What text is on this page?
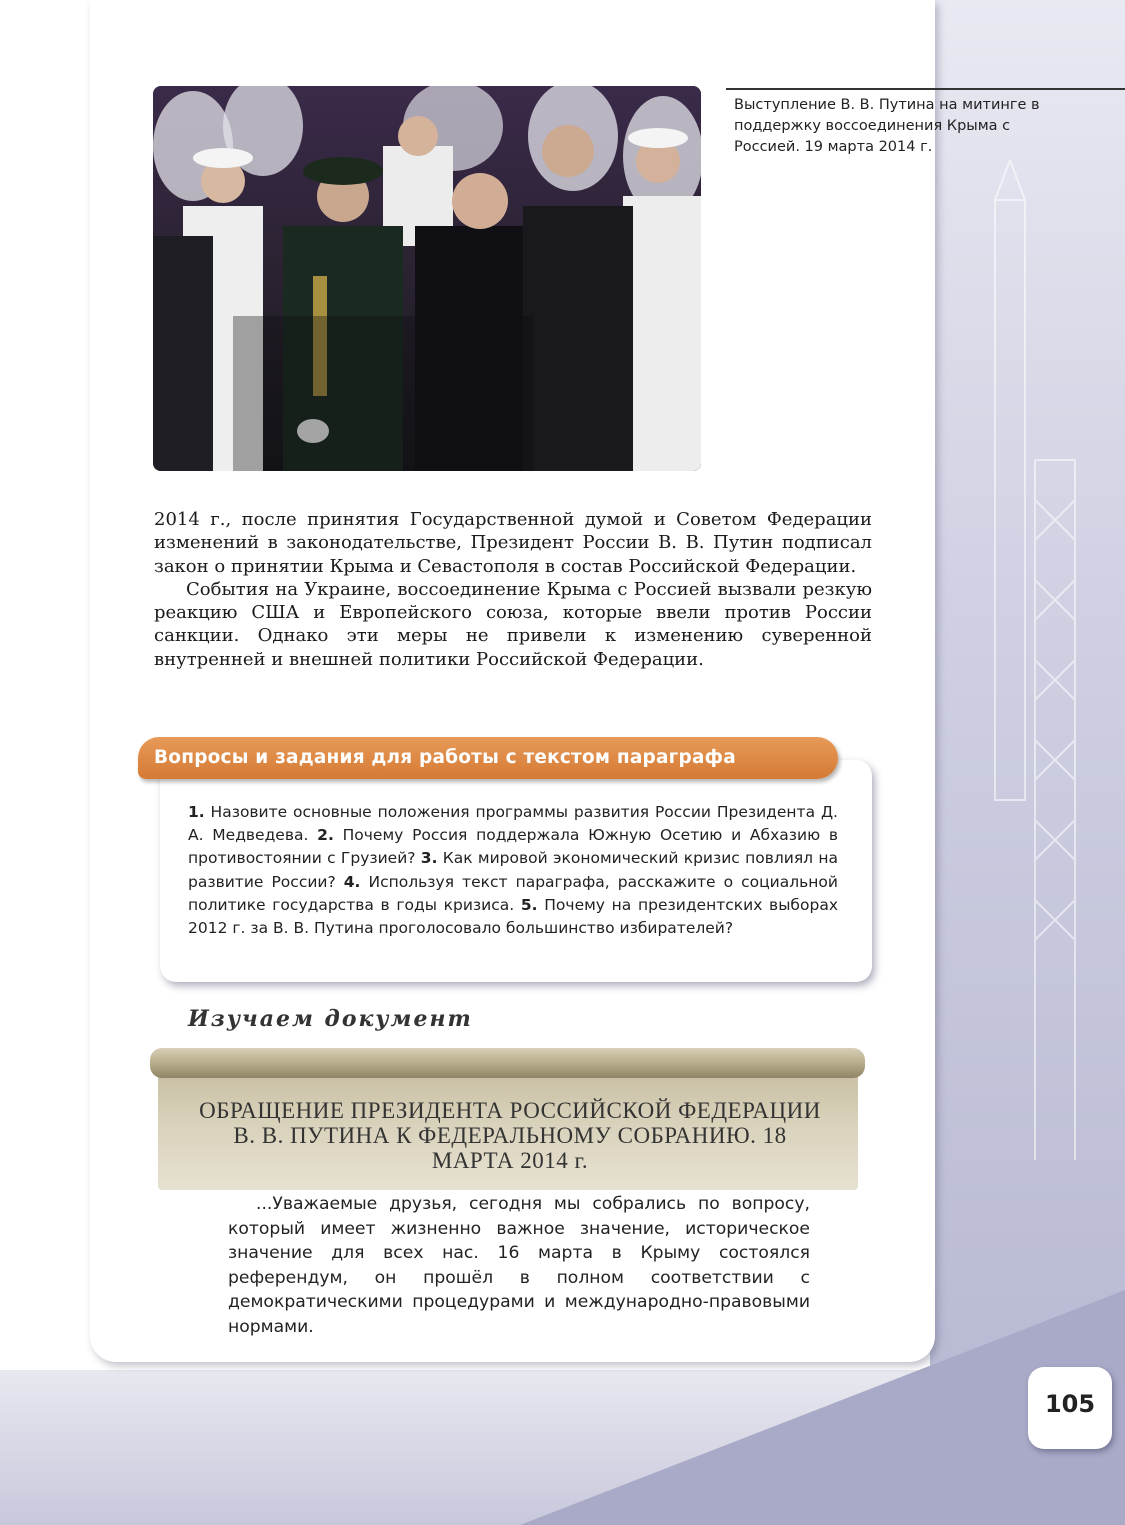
Выступление В. В. Путина на митинге в поддержку воссоединения Крыма с Россией. 19 марта 2014 г.

2014 г., после принятия Государственной думой и Советом Федерации изменений в законодательстве, Президент России В. В. Путин подписал закон о принятии Крыма и Севастополя в состав Российской Федерации.

События на Украине, воссоединение Крыма с Россией вызвали резкую реакцию США и Европейского союза, которые ввели против России санкции. Однако эти меры не привели к изменению суверенной внутренней и внешней политики Российской Федерации.

Вопросы и задания для работы с текстом параграфа
1. Назовите основные положения программы развития России Президента Д. А. Медведева. 2. Почему Россия поддержала Южную Осетию и Абхазию в противостоянии с Грузией? 3. Как мировой экономический кризис повлиял на развитие России? 4. Используя текст параграфа, расскажите о социальной политике государства в годы кризиса. 5. Почему на президентских выборах 2012 г. за В. В. Путина проголосовало большинство избирателей?
Изучаем документ
ОБРАЩЕНИЕ ПРЕЗИДЕНТА РОССИЙСКОЙ ФЕДЕРАЦИИ В. В. ПУТИНА К ФЕДЕРАЛЬНОМУ СОБРАНИЮ. 18 МАРТА 2014 г.

...Уважаемые друзья, сегодня мы собрались по вопросу, который имеет жизненно важное значение, историческое значение для всех нас. 16 марта в Крыму состоялся референдум, он прошёл в полном соответствии с демократическими процедурами и международно-правовыми нормами.

105
